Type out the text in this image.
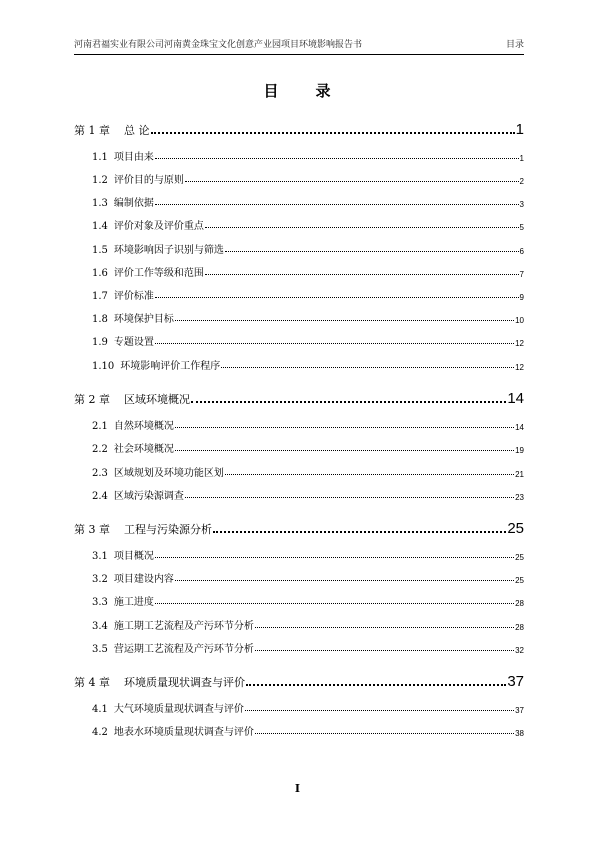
河南君福实业有限公司河南黄金珠宝文化创意产业园项目环境影响报告书	目录
目 录
第 1 章 总 论	1
1.1 项目由来	1
1.2 评价目的与原则	2
1.3 编制依据	3
1.4 评价对象及评价重点	5
1.5 环境影响因子识别与筛选	6
1.6 评价工作等级和范围	7
1.7 评价标准	9
1.8 环境保护目标	10
1.9 专题设置	12
1.10 环境影响评价工作程序	12
第 2 章 区域环境概况	14
2.1 自然环境概况	14
2.2 社会环境概况	19
2.3 区域规划及环境功能区划	21
2.4 区域污染源调查	23
第 3 章 工程与污染源分析	25
3.1 项目概况	25
3.2 项目建设内容	25
3.3 施工进度	28
3.4 施工期工艺流程及产污环节分析	28
3.5 营运期工艺流程及产污环节分析	32
第 4 章 环境质量现状调查与评价	37
4.1 大气环境质量现状调查与评价	37
4.2 地表水环境质量现状调查与评价	38
I
